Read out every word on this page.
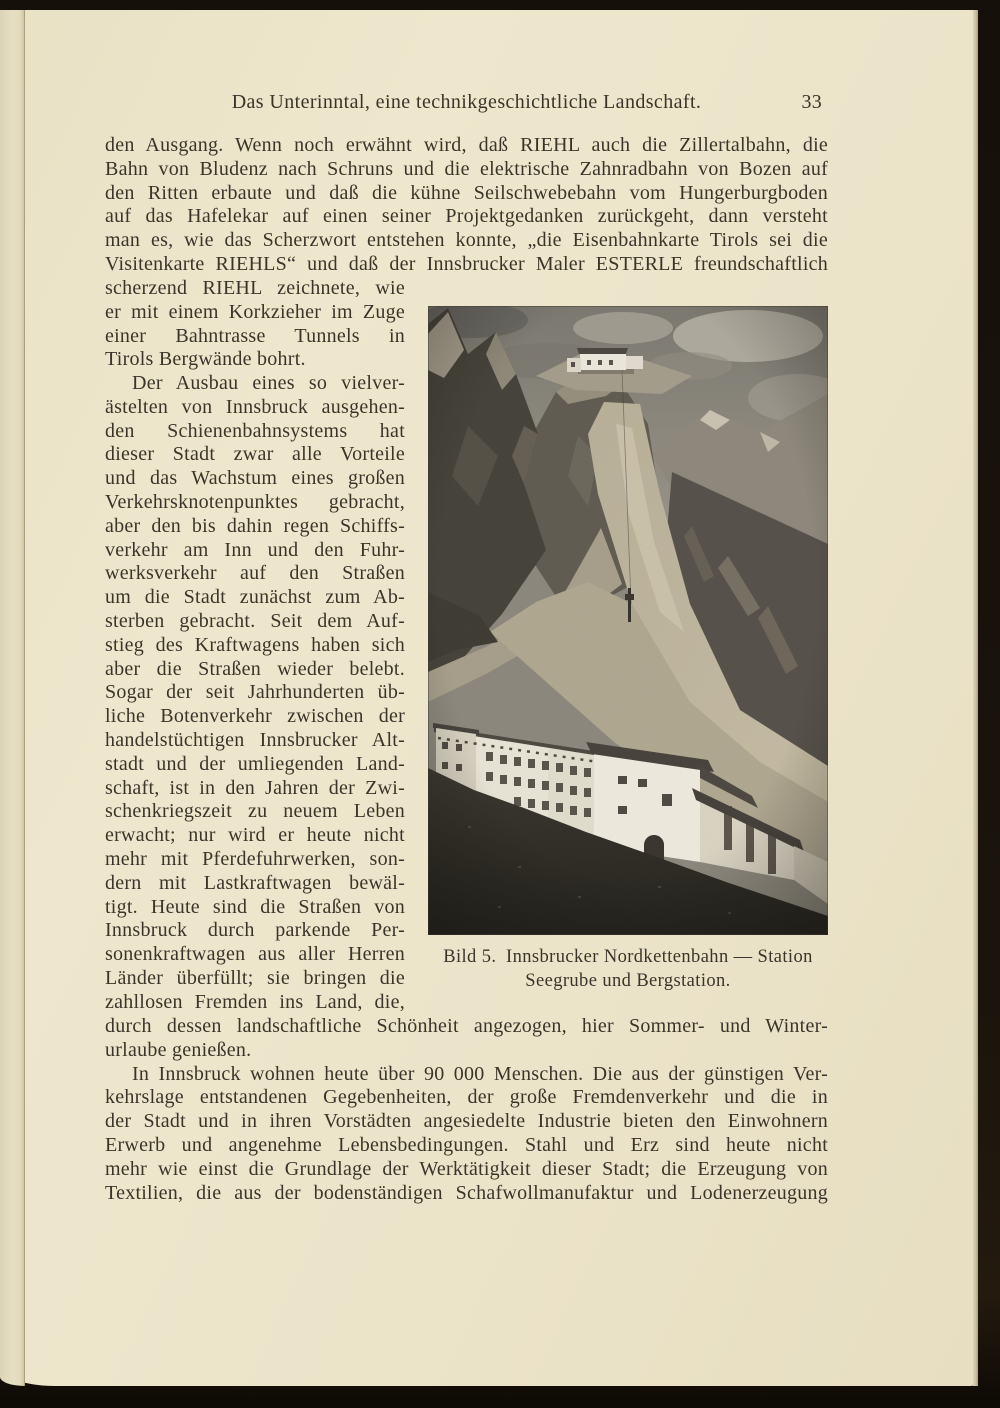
Das Unterinntal, eine technikgeschichtliche Landschaft.	33
den Ausgang. Wenn noch erwähnt wird, daß RIEHL auch die Zillertalbahn, die
Bahn von Bludenz nach Schruns und die elektrische Zahnradbahn von Bozen auf
den Ritten erbaute und daß die kühne Seilschwebebahn vom Hungerburgboden
auf das Hafelekar auf einen seiner Projektgedanken zurückgeht, dann versteht
man es, wie das Scherzwort entstehen konnte, „die Eisenbahnkarte Tirols sei die
Visitenkarte RIEHLS“ und daß der Innsbrucker Maler ESTERLE freundschaftlich
scherzend RIEHL zeichnete, wie
er mit einem Korkzieher im Zuge
einer Bahntrasse Tunnels in
Tirols Bergwände bohrt.
Der Ausbau eines so vielver-
ästelten von Innsbruck ausgehen-
den Schienenbahnsystems hat
dieser Stadt zwar alle Vorteile
und das Wachstum eines großen
Verkehrsknotenpunktes gebracht,
aber den bis dahin regen Schiffs-
verkehr am Inn und den Fuhr-
werksverkehr auf den Straßen
um die Stadt zunächst zum Ab-
sterben gebracht. Seit dem Auf-
stieg des Kraftwagens haben sich
aber die Straßen wieder belebt.
Sogar der seit Jahrhunderten üb-
liche Botenverkehr zwischen der
handelstüchtigen Innsbrucker Alt-
stadt und der umliegenden Land-
schaft, ist in den Jahren der Zwi-
schenkriegszeit zu neuem Leben
erwacht; nur wird er heute nicht
mehr mit Pferdefuhrwerken, son-
dern mit Lastkraftwagen bewäl-
tigt. Heute sind die Straßen von
Innsbruck durch parkende Per-
sonenkraftwagen aus aller Herren
Länder überfüllt; sie bringen die
zahllosen Fremden ins Land, die,
durch dessen landschaftliche Schönheit angezogen, hier Sommer- und Winter-
urlaube genießen.
In Innsbruck wohnen heute über 90 000 Menschen. Die aus der günstigen Ver-
kehrslage entstandenen Gegebenheiten, der große Fremdenverkehr und die in
der Stadt und in ihren Vorstädten angesiedelte Industrie bieten den Einwohnern
Erwerb und angenehme Lebensbedingungen. Stahl und Erz sind heute nicht
mehr wie einst die Grundlage der Werktätigkeit dieser Stadt; die Erzeugung von
Textilien, die aus der bodenständigen Schafwollmanufaktur und Lodenerzeugung
Bild 5. Innsbrucker Nordkettenbahn — Station
Seegrube und Bergstation.
